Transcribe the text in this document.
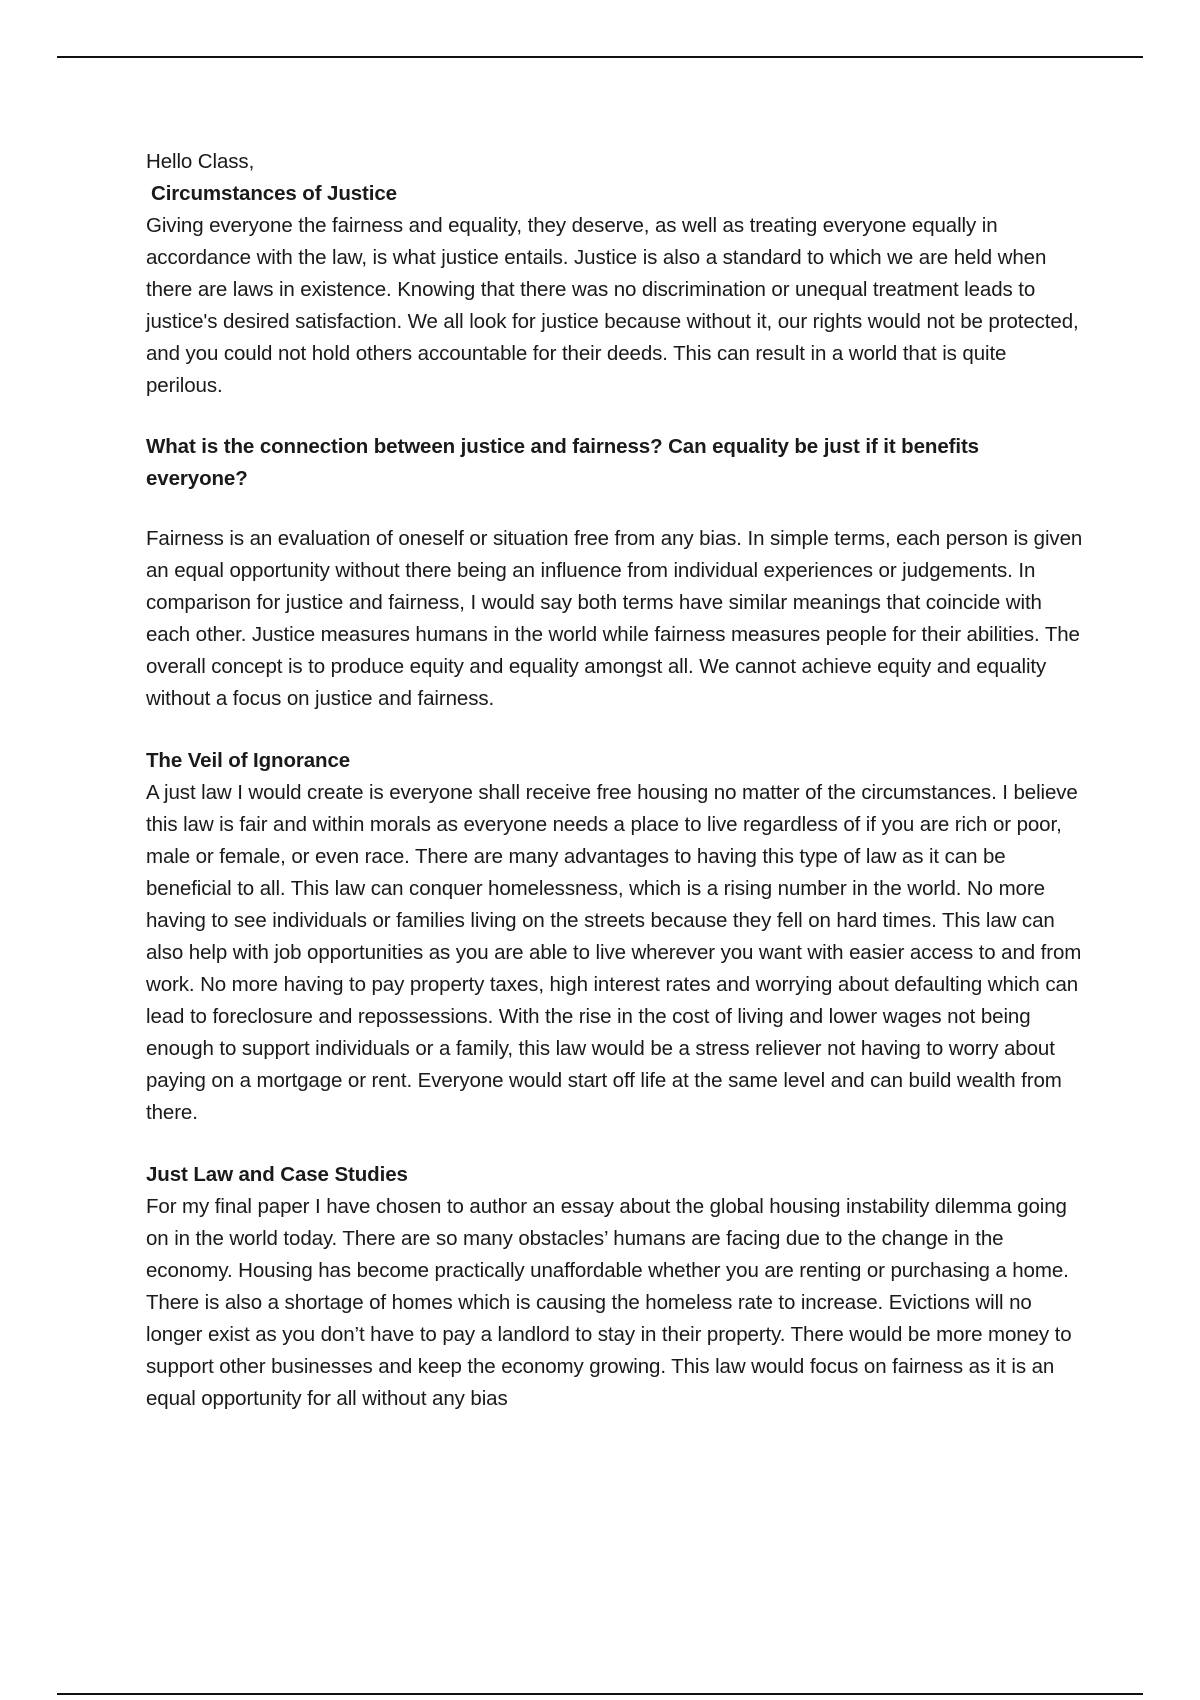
Hello Class,

Circumstances of Justice

Giving everyone the fairness and equality, they deserve, as well as treating everyone equally in accordance with the law, is what justice entails. Justice is also a standard to which we are held when there are laws in existence. Knowing that there was no discrimination or unequal treatment leads to justice's desired satisfaction. We all look for justice because without it, our rights would not be protected, and you could not hold others accountable for their deeds. This can result in a world that is quite perilous.

What is the connection between justice and fairness? Can equality be just if it benefits everyone?

Fairness is an evaluation of oneself or situation free from any bias. In simple terms, each person is given an equal opportunity without there being an influence from individual experiences or judgements. In comparison for justice and fairness, I would say both terms have similar meanings that coincide with each other. Justice measures humans in the world while fairness measures people for their abilities. The overall concept is to produce equity and equality amongst all. We cannot achieve equity and equality without a focus on justice and fairness.

The Veil of Ignorance

A just law I would create is everyone shall receive free housing no matter of the circumstances. I believe this law is fair and within morals as everyone needs a place to live regardless of if you are rich or poor, male or female, or even race. There are many advantages to having this type of law as it can be beneficial to all. This law can conquer homelessness, which is a rising number in the world. No more having to see individuals or families living on the streets because they fell on hard times. This law can also help with job opportunities as you are able to live wherever you want with easier access to and from work. No more having to pay property taxes, high interest rates and worrying about defaulting which can lead to foreclosure and repossessions. With the rise in the cost of living and lower wages not being enough to support individuals or a family, this law would be a stress reliever not having to worry about paying on a mortgage or rent. Everyone would start off life at the same level and can build wealth from there.

Just Law and Case Studies

For my final paper I have chosen to author an essay about the global housing instability dilemma going on in the world today. There are so many obstacles’ humans are facing due to the change in the economy. Housing has become practically unaffordable whether you are renting or purchasing a home. There is also a shortage of homes which is causing the homeless rate to increase. Evictions will no longer exist as you don’t have to pay a landlord to stay in their property. There would be more money to support other businesses and keep the economy growing. This law would focus on fairness as it is an equal opportunity for all without any bias
